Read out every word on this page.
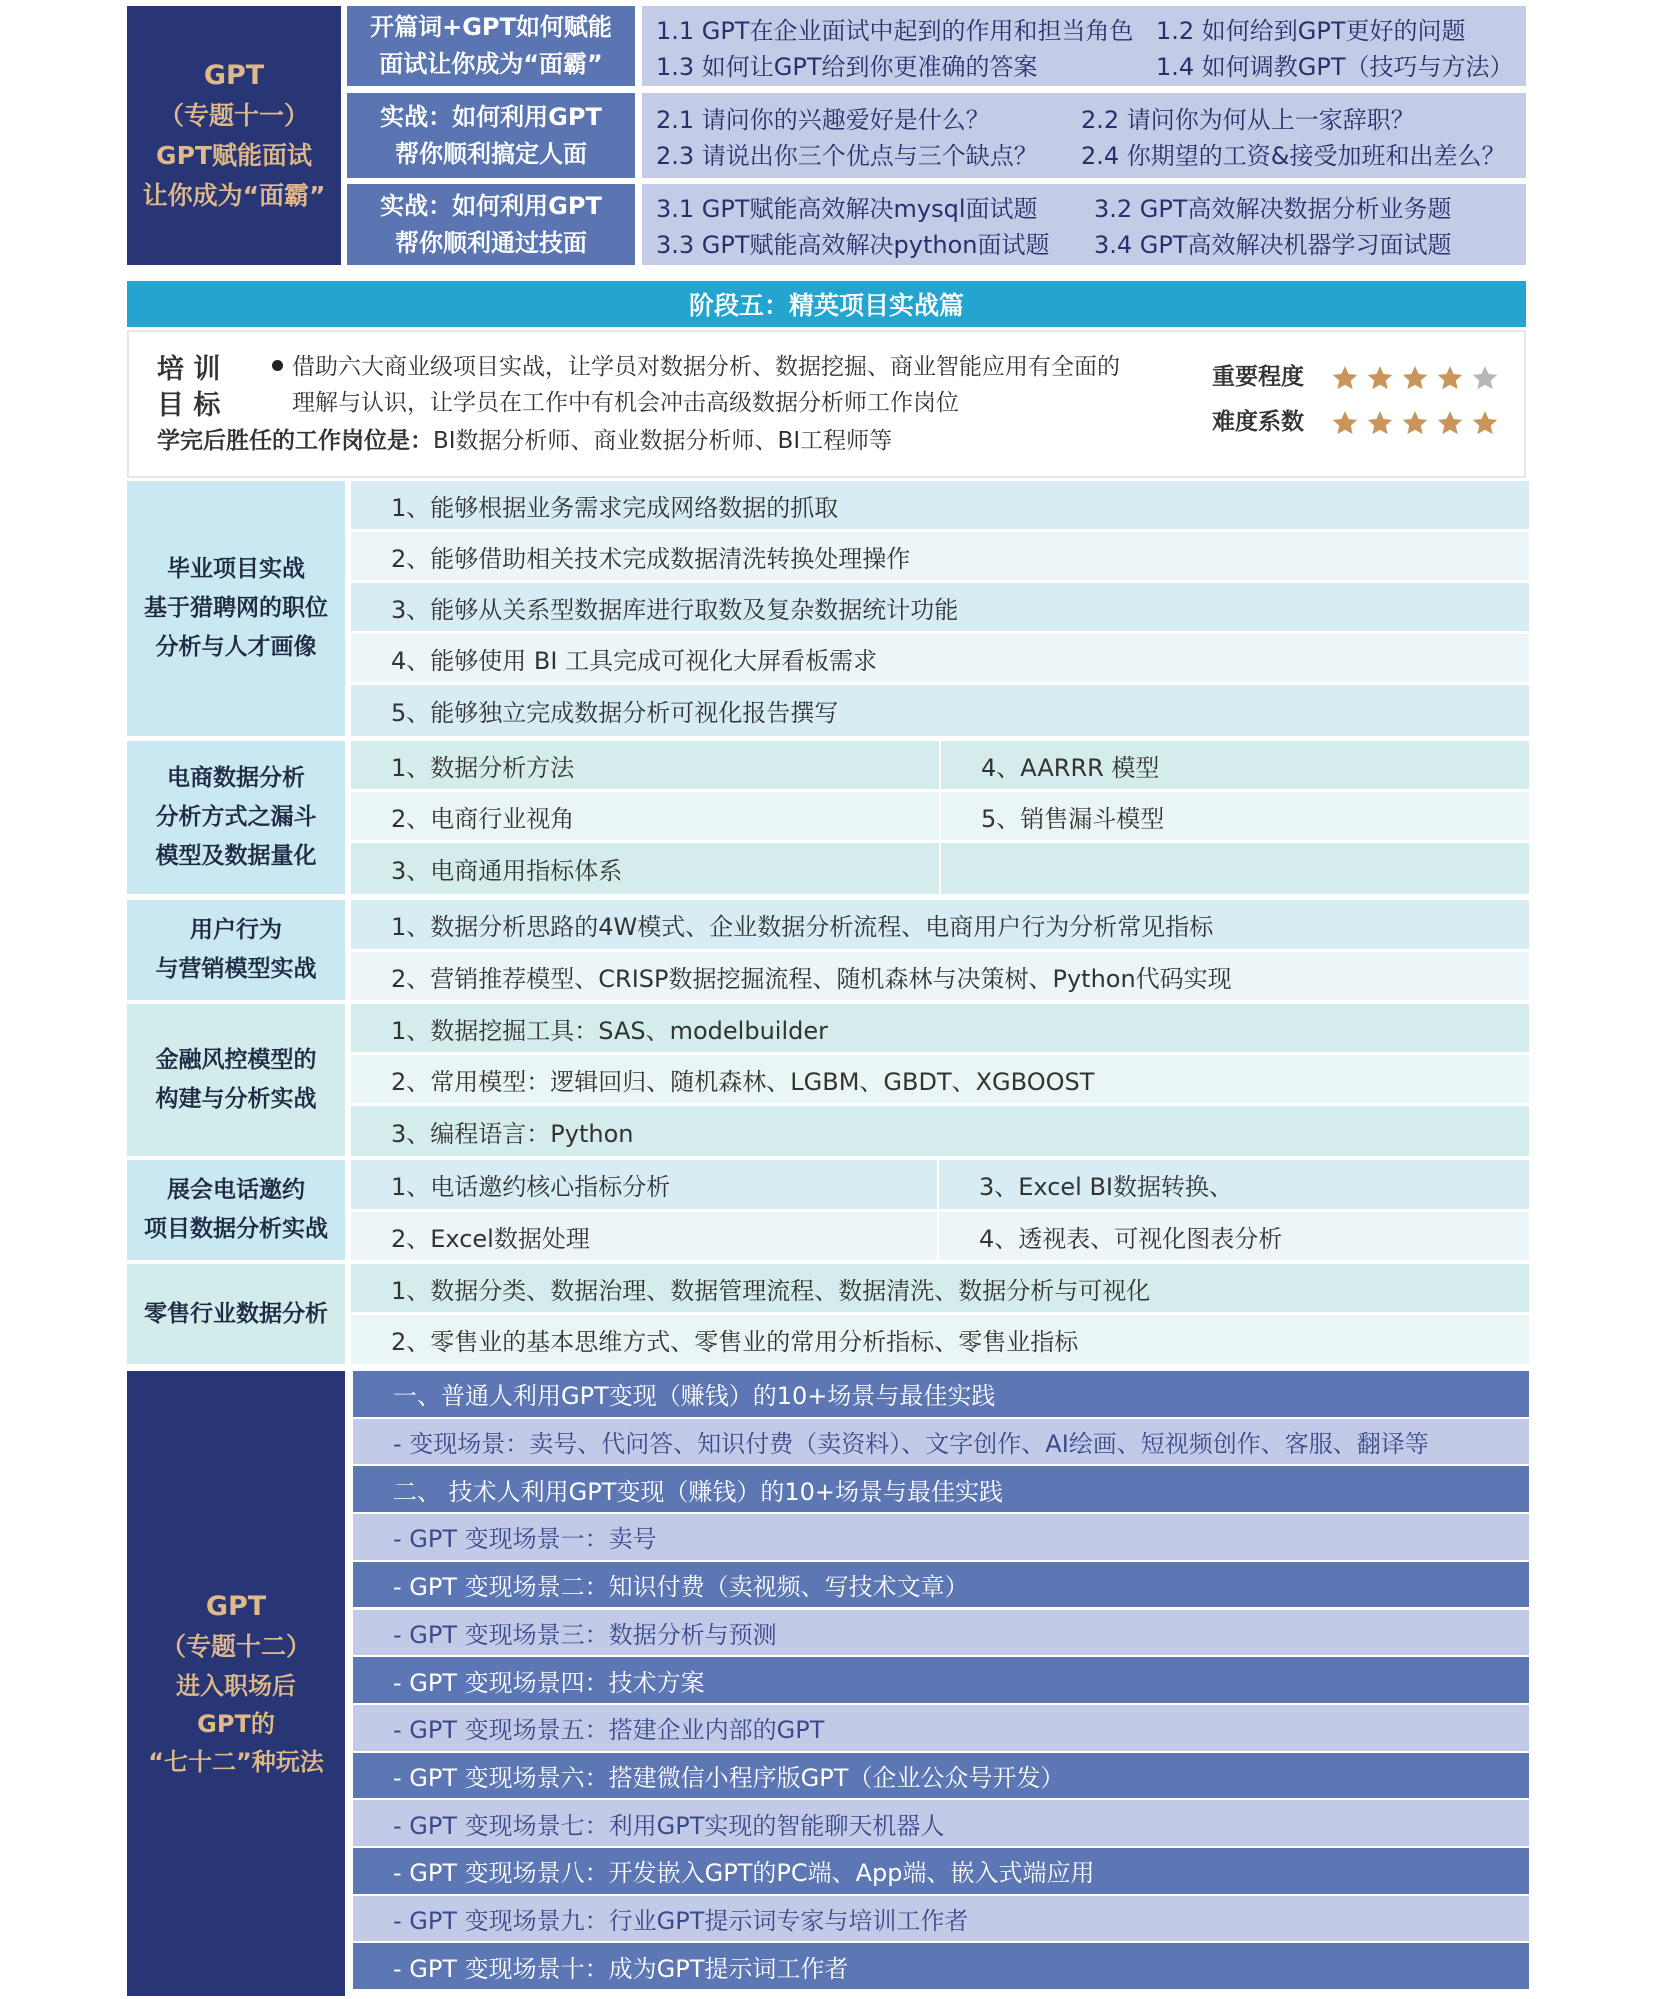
GPT
（专题十一）
GPT赋能面试
让你成为“面霸”
开篇词+GPT如何赋能
面试让你成为“面霸”
1.1 GPT在企业面试中起到的作用和担当角色 1.2 如何给到GPT更好的问题
1.3 如何让GPT给到你更准确的答案	1.4 如何调教GPT（技巧与方法）
实战：如何利用GPT
帮你顺利搞定人面
2.1 请问你的兴趣爱好是什么？	2.2 请问你为何从上一家辞职？
2.3 请说出你三个优点与三个缺点？	2.4 你期望的工资&接受加班和出差么？
实战：如何利用GPT
帮你顺利通过技面
3.1 GPT赋能高效解决mysql面试题	3.2 GPT高效解决数据分析业务题
3.3 GPT赋能高效解决python面试题	3.4 GPT高效解决机器学习面试题
阶段五：精英项目实战篇
培 训
目 标
借助六大商业级项目实战，让学员对数据分析、数据挖掘、商业智能应用有全面的
理解与认识，让学员在工作中有机会冲击高级数据分析师工作岗位
学完后胜任的工作岗位是：BI数据分析师、商业数据分析师、BI工程师等
重要程度
难度系数
毕业项目实战
基于猎聘网的职位
分析与人才画像
1、能够根据业务需求完成网络数据的抓取
2、能够借助相关技术完成数据清洗转换处理操作
3、能够从关系型数据库进行取数及复杂数据统计功能
4、能够使用 BI 工具完成可视化大屏看板需求
5、能够独立完成数据分析可视化报告撰写
电商数据分析
分析方式之漏斗
模型及数据量化
1、数据分析方法	4、AARRR 模型
2、电商行业视角	5、销售漏斗模型
3、电商通用指标体系
用户行为
与营销模型实战
1、数据分析思路的4W模式、企业数据分析流程、电商用户行为分析常见指标
2、营销推荐模型、CRISP数据挖掘流程、随机森林与决策树、Python代码实现
金融风控模型的
构建与分析实战
1、数据挖掘工具：SAS、modelbuilder
2、常用模型：逻辑回归、随机森林、LGBM、GBDT、XGBOOST
3、编程语言：Python
展会电话邀约
项目数据分析实战
1、电话邀约核心指标分析	3、Excel BI数据转换、
2、Excel数据处理	4、透视表、可视化图表分析
零售行业数据分析
1、数据分类、数据治理、数据管理流程、数据清洗、数据分析与可视化
2、零售业的基本思维方式、零售业的常用分析指标、零售业指标
GPT
（专题十二）
进入职场后
GPT的
“七十二”种玩法
一、普通人利用GPT变现（赚钱）的10+场景与最佳实践
- 变现场景：卖号、代问答、知识付费（卖资料）、文字创作、AI绘画、短视频创作、客服、翻译等
二、 技术人利用GPT变现（赚钱）的10+场景与最佳实践
- GPT 变现场景一：卖号
- GPT 变现场景二：知识付费（卖视频、写技术文章）
- GPT 变现场景三：数据分析与预测
- GPT 变现场景四：技术方案
- GPT 变现场景五：搭建企业内部的GPT
- GPT 变现场景六：搭建微信小程序版GPT（企业公众号开发）
- GPT 变现场景七：利用GPT实现的智能聊天机器人
- GPT 变现场景八：开发嵌入GPT的PC端、App端、嵌入式端应用
- GPT 变现场景九：行业GPT提示词专家与培训工作者
- GPT 变现场景十：成为GPT提示词工作者
